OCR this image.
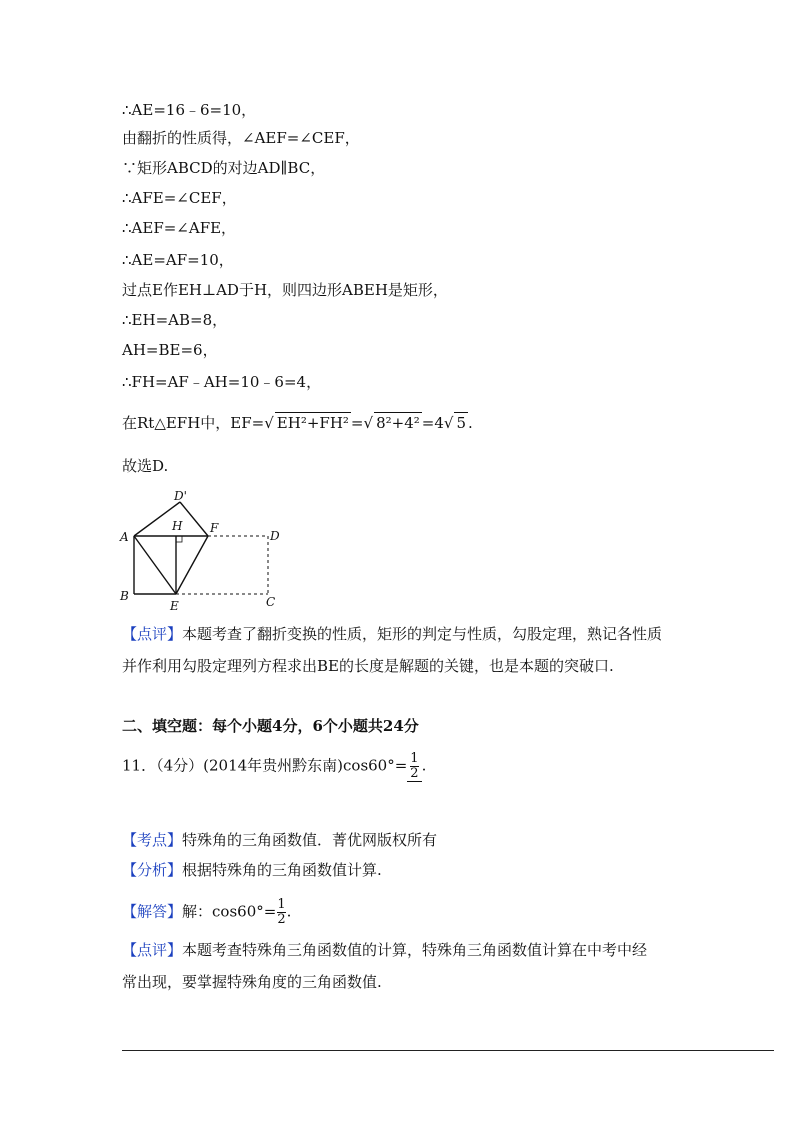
∴AE=16﹣6=10，
由翻折的性质得，∠AEF=∠CEF，
∵矩形ABCD的对边AD∥BC，
∴AFE=∠CEF，
∴AEF=∠AFE，
∴AE=AF=10，
过点E作EH⊥AD于H，则四边形ABEH是矩形，
∴EH=AB=8，
AH=BE=6，
∴FH=AF﹣AH=10﹣6=4，
在Rt△EFH中，EF=√ EH²+FH² =√ 8²+4² =4√ 5 .
故选D.
A
B
E	C
D
F
D'
H
【点评】本题考查了翻折变换的性质，矩形的判定与性质，勾股定理，熟记各性质
并作利用勾股定理列方程求出BE的长度是解题的关键，也是本题的突破口.
二、填空题：每个小题4分，6个小题共24分
11．（4分）(2014年贵州黔东南)$\cos 60^\circ= \frac{1}{2}$ .
【考点】特殊角的三角函数值．菁优网版权所有
【分析】根据特殊角的三角函数值计算.
【解答】解：$\cos 60^\circ= \frac{1}{2}$ .
【点评】本题考查特殊角三角函数值的计算，特殊角三角函数值计算在中考中经
常出现，要掌握特殊角度的三角函数值.
